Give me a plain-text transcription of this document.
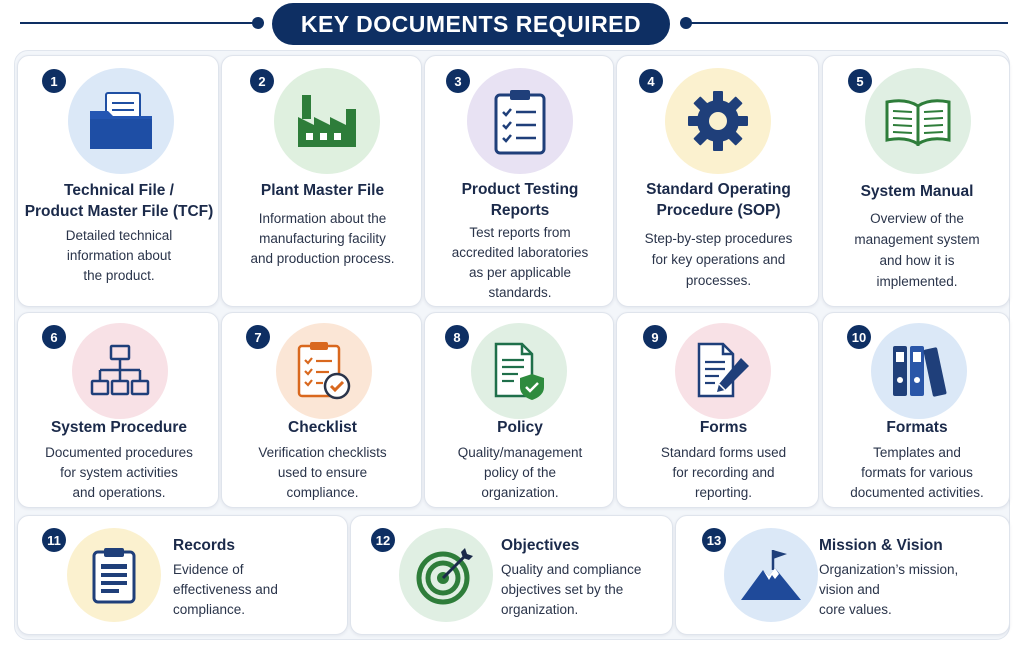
KEY DOCUMENTS REQUIRED
1
Technical File /
Product Master File (TCF)
Detailed technical
information about
the product.
2
Plant Master File
Information about the
manufacturing facility
and production process.
3
Product Testing
Reports
Test reports from
accredited laboratories
as per applicable
standards.
4
Standard Operating
Procedure (SOP)
Step-by-step procedures
for key operations and
processes.
5
System Manual
Overview of the
management system
and how it is
implemented.
6
System Procedure
Documented procedures
for system activities
and operations.
7
Checklist
Verification checklists
used to ensure
compliance.
8
Policy
Quality/management
policy of the
organization.
9
Forms
Standard forms used
for recording and
reporting.
10
Formats
Templates and
formats for various
documented activities.
11	Records
Evidence of
effectiveness and
compliance.
12	Objectives
Quality and compliance
objectives set by the
organization.
13	Mission & Vision
Organization’s mission,
vision and
core values.
